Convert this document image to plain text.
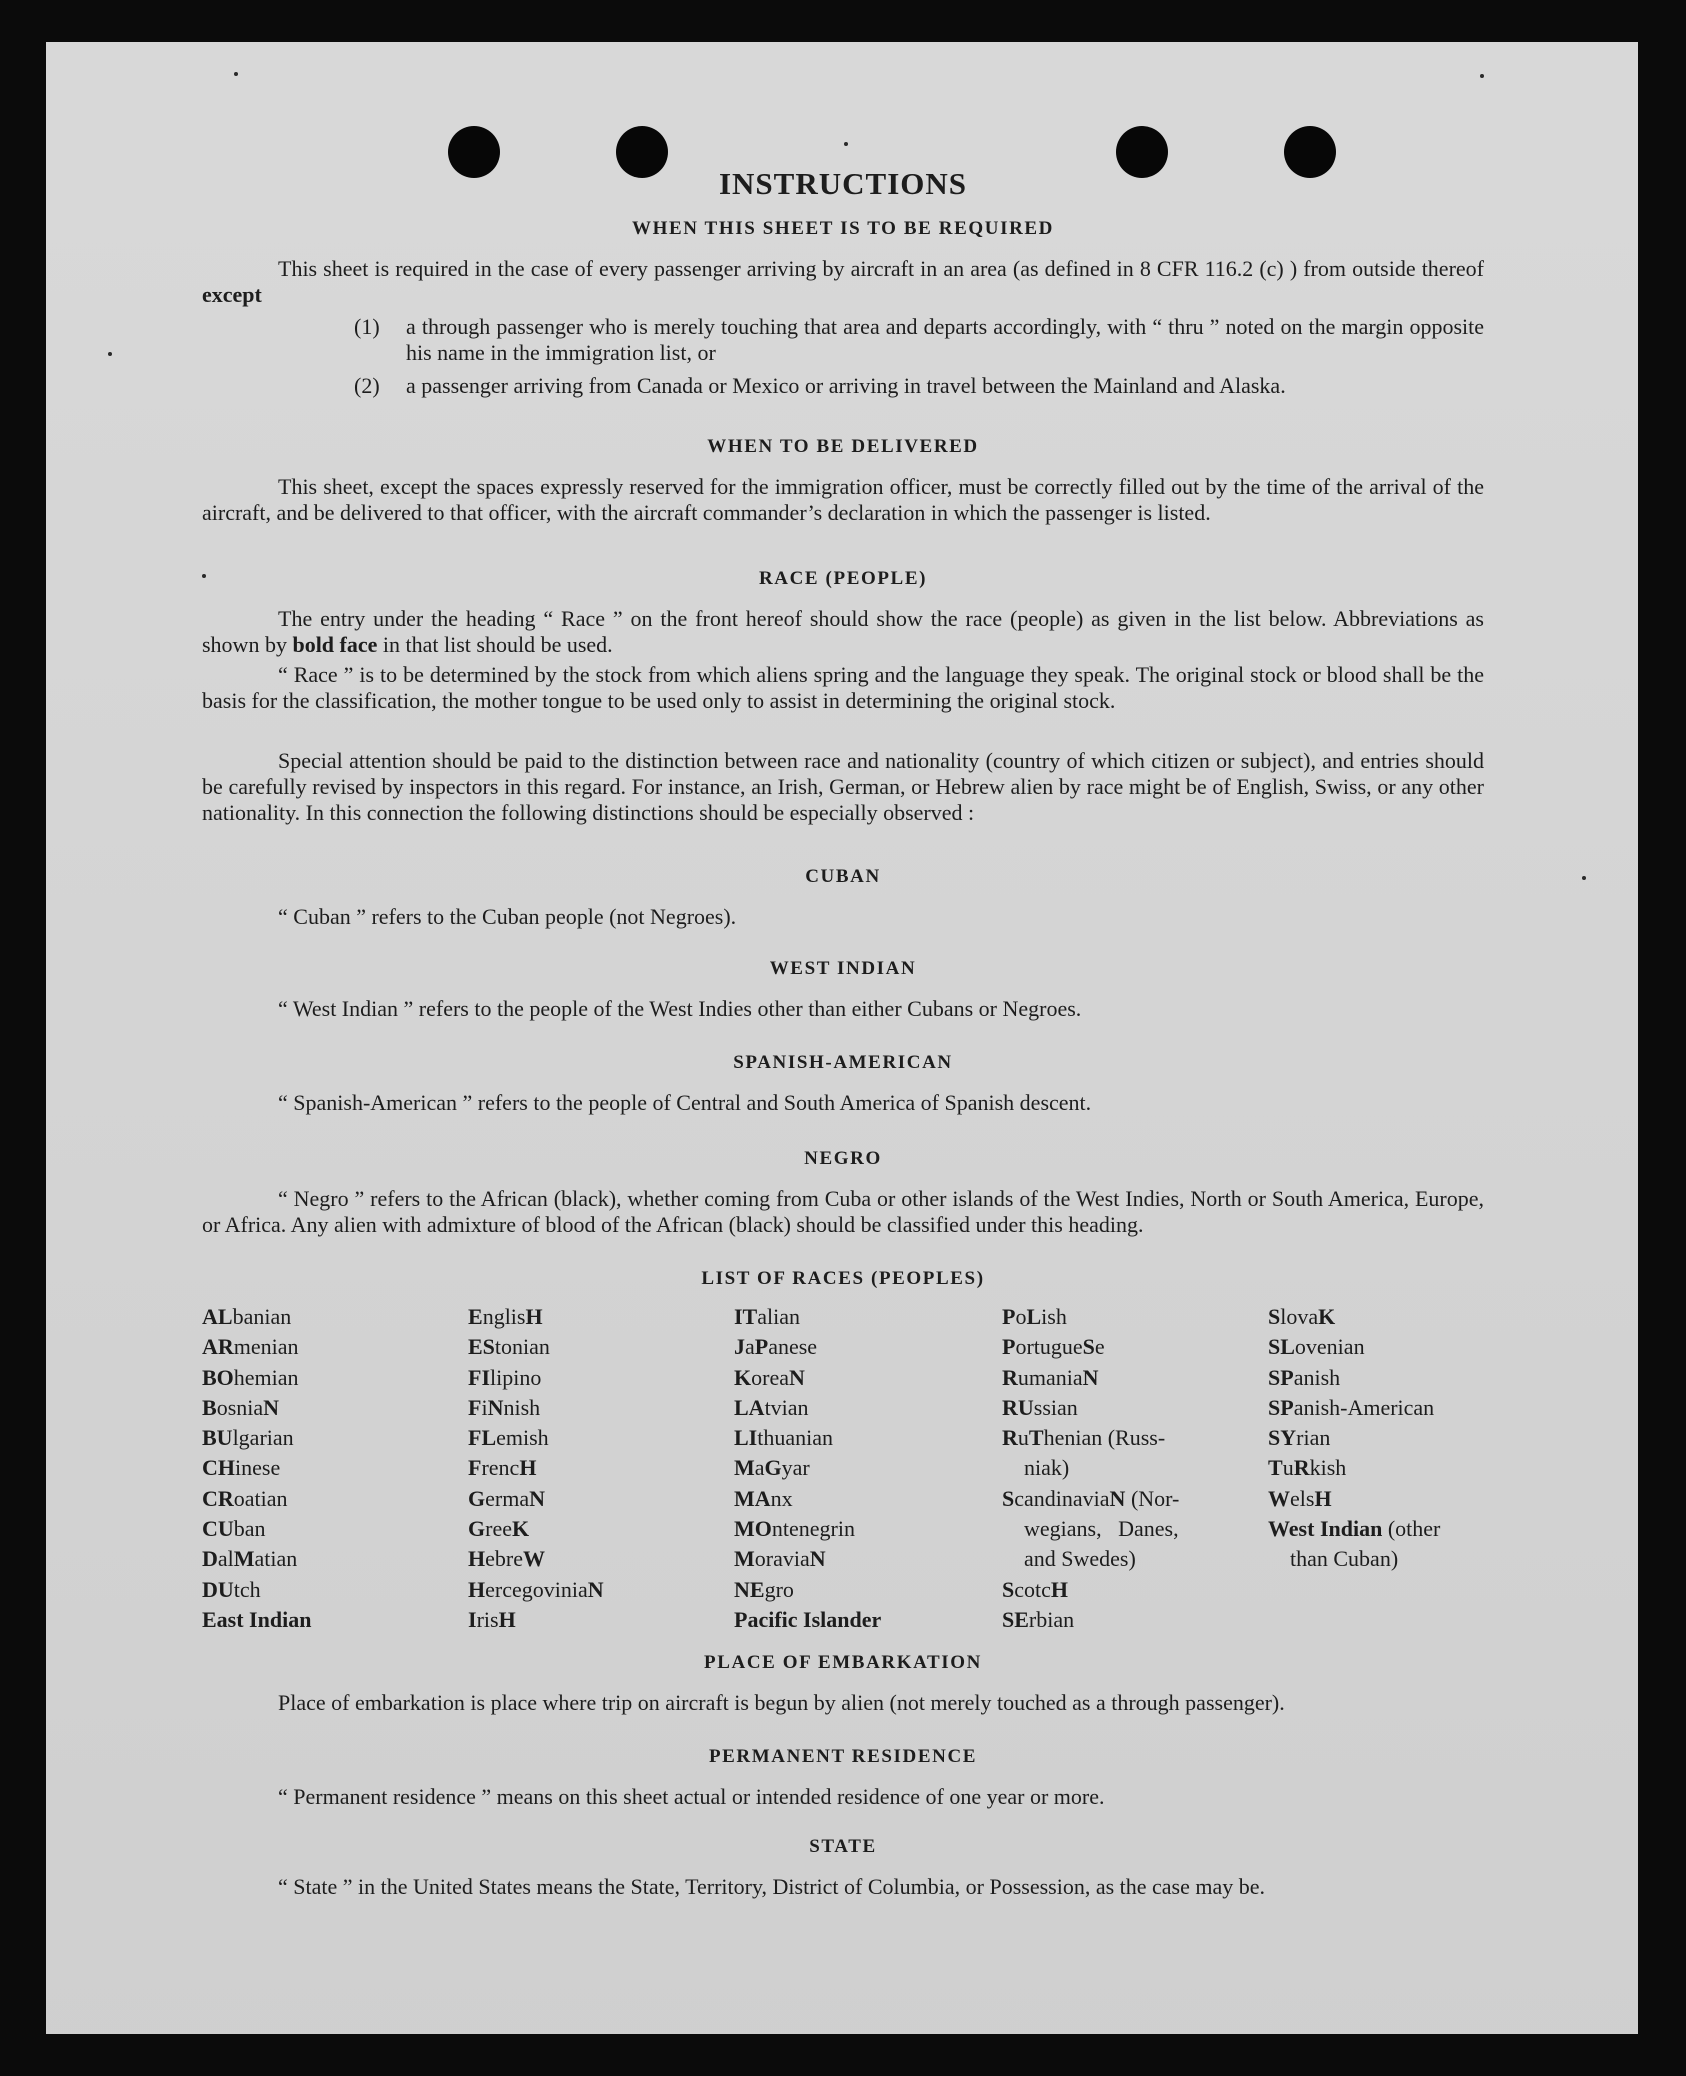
INSTRUCTIONS
WHEN THIS SHEET IS TO BE REQUIRED
This sheet is required in the case of every passenger arriving by aircraft in an area (as defined in 8 CFR 116.2 (c) ) from outside thereof except
(1) a through passenger who is merely touching that area and departs accordingly, with “ thru ” noted on the margin opposite his name in the immigration list, or
(2) a passenger arriving from Canada or Mexico or arriving in travel between the Mainland and Alaska.
WHEN TO BE DELIVERED
This sheet, except the spaces expressly reserved for the immigration officer, must be correctly filled out by the time of the arrival of the aircraft, and be delivered to that officer, with the aircraft commander’s declaration in which the passenger is listed.
RACE (PEOPLE)
The entry under the heading “ Race ” on the front hereof should show the race (people) as given in the list below. Abbreviations as shown by bold face in that list should be used.
“ Race ” is to be determined by the stock from which aliens spring and the language they speak. The original stock or blood shall be the basis for the classification, the mother tongue to be used only to assist in determining the original stock.
Special attention should be paid to the distinction between race and nationality (country of which citizen or subject), and entries should be carefully revised by inspectors in this regard. For instance, an Irish, German, or Hebrew alien by race might be of English, Swiss, or any other nationality. In this connection the following distinctions should be especially observed :
CUBAN
“ Cuban ” refers to the Cuban people (not Negroes).
WEST INDIAN
“ West Indian ” refers to the people of the West Indies other than either Cubans or Negroes.
SPANISH-AMERICAN
“ Spanish-American ” refers to the people of Central and South America of Spanish descent.
NEGRO
“ Negro ” refers to the African (black), whether coming from Cuba or other islands of the West Indies, North or South America, Europe, or Africa. Any alien with admixture of blood of the African (black) should be classified under this heading.
LIST OF RACES (PEOPLES)
ALbanian
ARmenian
BOhemian
BosniaN
BUlgarian
CHinese
CRoatian
CUban
DalMatian
DUtch
East Indian
EnglisH
EStonian
FIlipino
FiNnish
FLemish
FrencH
GermaN
GreeK
HebreW
HercegoviniaN
IrisH
ITalian
JaPanese
KoreaN
LAtvian
LIthuanian
MaGyar
MAnx
MOntenegrin
MoraviaN
NEgro
Pacific Islander
PoLish
PortugueSe
RumaniaN
RUssian
RuThenian (Russ-
niak)
ScandinaviaN (Nor-
wegians,   Danes,
and Swedes)
ScotcH
SErbian
SlovaK
SLovenian
SPanish
SPanish-American
SYrian
TuRkish
WelsH
West Indian (other
than Cuban)
PLACE OF EMBARKATION
Place of embarkation is place where trip on aircraft is begun by alien (not merely touched as a through passenger).
PERMANENT RESIDENCE
“ Permanent residence ” means on this sheet actual or intended residence of one year or more.
STATE
“ State ” in the United States means the State, Territory, District of Columbia, or Possession, as the case may be.
